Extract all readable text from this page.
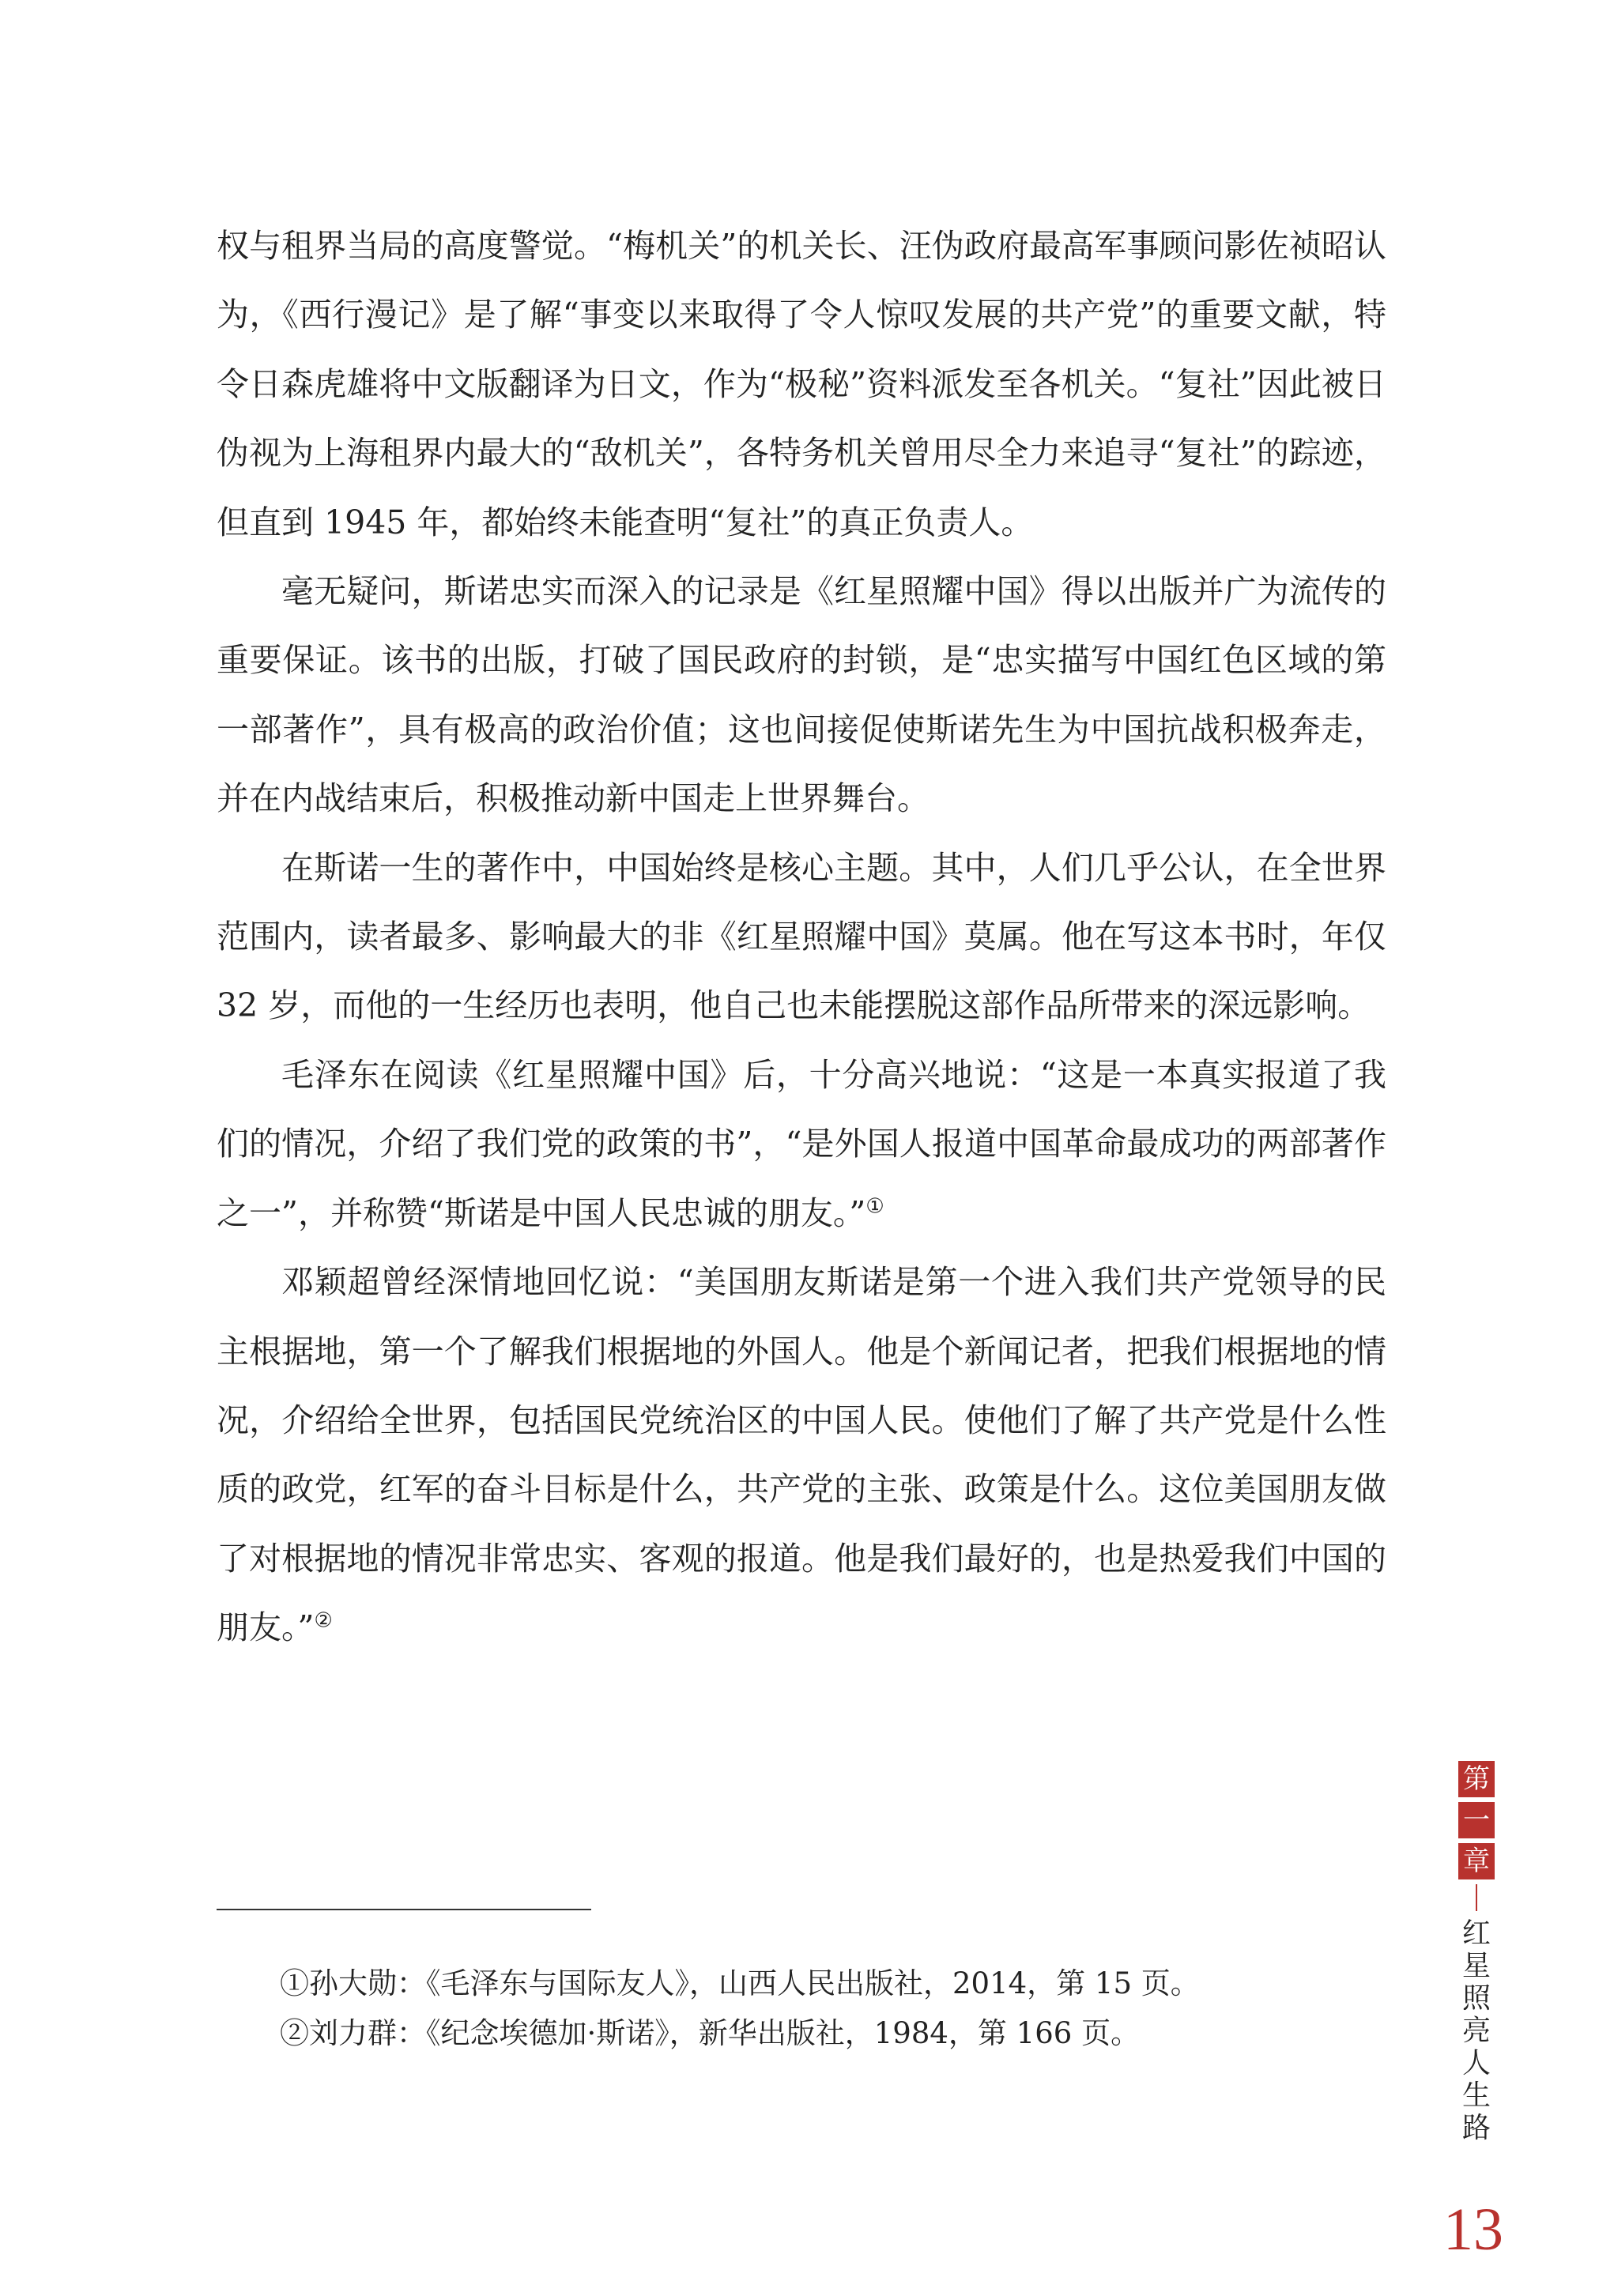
权与租界当局的高度警觉。“梅机关”的机关长、汪伪政府最高军事顾问影佐祯昭认为，《西行漫记》是了解“事变以来取得了令人惊叹发展的共产党”的重要文献，特令日森虎雄将中文版翻译为日文，作为“极秘”资料派发至各机关。“复社”因此被日伪视为上海租界内最大的“敌机关”，各特务机关曾用尽全力来追寻“复社”的踪迹，但直到 1945 年，都始终未能查明“复社”的真正负责人。

毫无疑问，斯诺忠实而深入的记录是《红星照耀中国》得以出版并广为流传的重要保证。该书的出版，打破了国民政府的封锁，是“忠实描写中国红色区域的第一部著作”，具有极高的政治价值；这也间接促使斯诺先生为中国抗战积极奔走，并在内战结束后，积极推动新中国走上世界舞台。

在斯诺一生的著作中，中国始终是核心主题。其中，人们几乎公认，在全世界范围内，读者最多、影响最大的非《红星照耀中国》莫属。他在写这本书时，年仅 32 岁，而他的一生经历也表明，他自己也未能摆脱这部作品所带来的深远影响。

毛泽东在阅读《红星照耀中国》后，十分高兴地说：“这是一本真实报道了我们的情况，介绍了我们党的政策的书”，“是外国人报道中国革命最成功的两部著作之一”，并称赞“斯诺是中国人民忠诚的朋友。”①

邓颖超曾经深情地回忆说：“美国朋友斯诺是第一个进入我们共产党领导的民主根据地，第一个了解我们根据地的外国人。他是个新闻记者，把我们根据地的情况，介绍给全世界，包括国民党统治区的中国人民。使他们了解了共产党是什么性质的政党，红军的奋斗目标是什么，共产党的主张、政策是什么。这位美国朋友做了对根据地的情况非常忠实、客观的报道。他是我们最好的，也是热爱我们中国的朋友。”②

①孙大勋：《毛泽东与国际友人》，山西人民出版社，2014，第 15 页。
②刘力群：《纪念埃德加·斯诺》，新华出版社，1984，第 166 页。
第
一
章
红星照亮人生路
13
